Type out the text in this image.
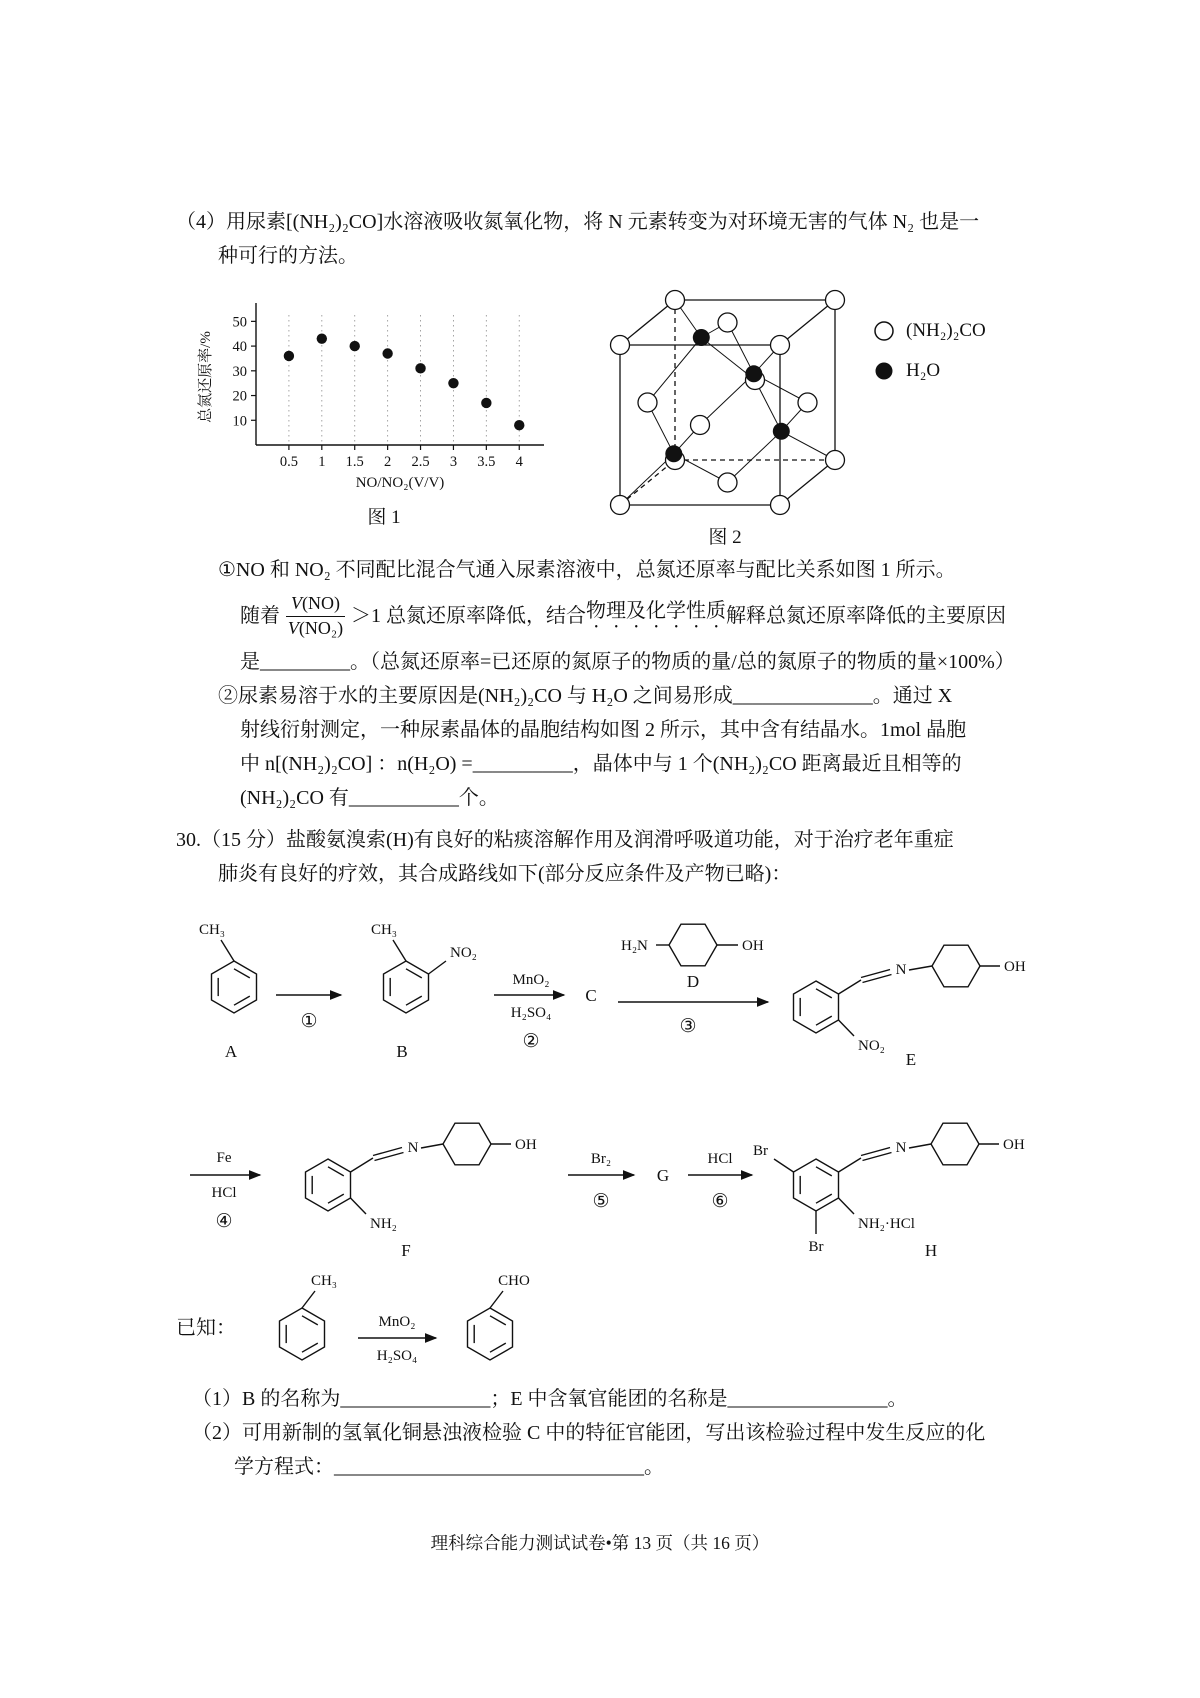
（4）用尿素[(NH₂)₂CO]水溶液吸收氮氧化物，将 N 元素转变为对环境无害的气体 N₂ 也是一
种可行的方法。
总氮还原率/%
NO/NO₂(V/V)
0.5 1 1.5 2 2.5 3 3.5 4
10
20
30
40
50
图 1
图 2
(NH₂)₂CO
H₂O
①NO 和 NO₂ 不同配比混合气通入尿素溶液中，总氮还原率与配比关系如图 1 所示。
随着 $\frac{V(NO)}{\text{V(NO₂)}} >1$ 总氮还原率降低，结合 物理及化学性质 解释总氮还原率降低的主要原因
是_________。（总氮还原率=已还原的氮原子的物质的量/总的氮原子的物质的量×100%）
②尿素易溶于水的主要原因是(NH₂)₂CO 与 H₂O 之间易形成______________。通过 X
射线衍射测定，一种尿素晶体的晶胞结构如图 2 所示，其中含有结晶水。1mol 晶胞
中 n[(NH₂)₂CO] ：n(H₂O) =__________，晶体中与 1 个(NH₂)₂CO 距离最近且相等的
(NH₂)₂CO 有___________个。
30.（15 分）盐酸氨溴索(H)有良好的粘痰溶解作用及润滑呼吸道功能，对于治疗老年重症
肺炎有良好的疗效，其合成路线如下(部分反应条件及产物已略)：
CH₃
A
①
CH₃
NO₂
B
MnO₂
H₂SO₄
②
C
H₂N	OH
D
③
N	OH
NO₂
E
Fe
HCl
④
N	OH
NH₂
F
Br₂
⑤
G
HCl
⑥
Br	N	OH
NH₂·HCl
Br	H
已知：
CH₃
MnO₂
H₂SO₄
CHO
（1）B 的名称为_______________；E 中含氧官能团的名称是________________。
（2）可用新制的氢氧化铜悬浊液检验 C 中的特征官能团，写出该检验过程中发生反应的化
学方程式：_______________________________。
理科综合能力测试试卷•第 13 页（共 16 页）
